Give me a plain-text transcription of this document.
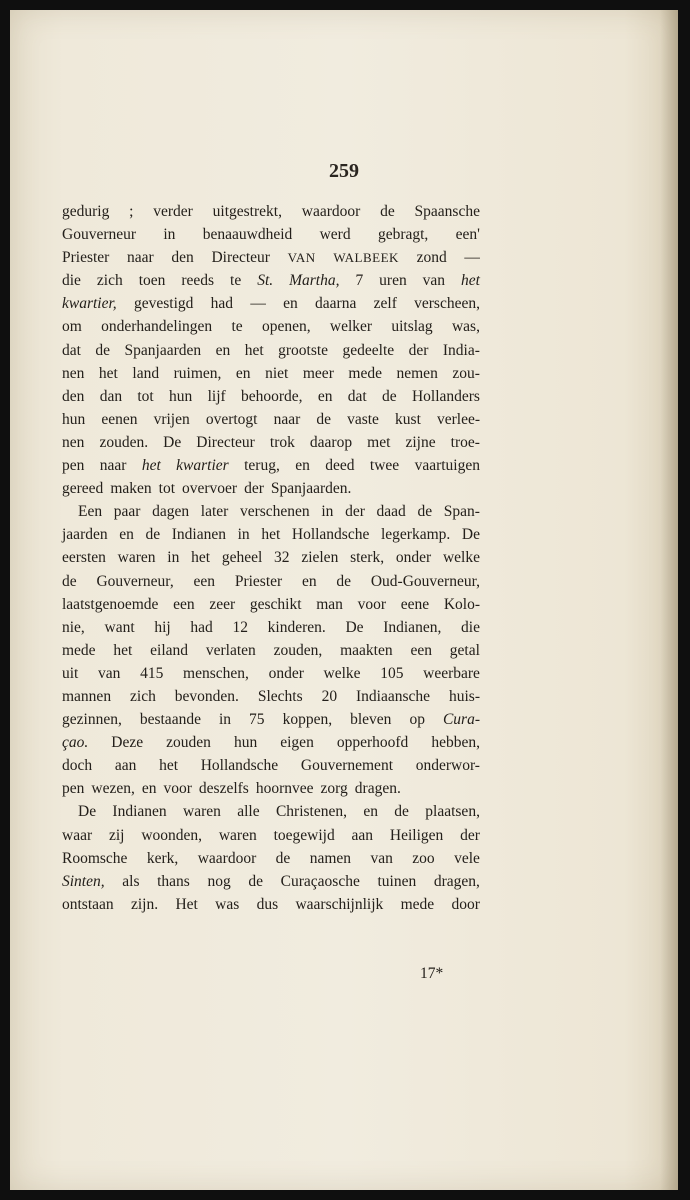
259
gedurig ; verder uitgestrekt, waardoor de Spaansche
Gouverneur in benaauwdheid werd gebragt, een'
Priester naar den Directeur VAN WALBEEK zond —
die zich toen reeds te St. Martha, 7 uren van het
kwartier, gevestigd had — en daarna zelf verscheen,
om onderhandelingen te openen, welker uitslag was,
dat de Spanjaarden en het grootste gedeelte der India-
nen het land ruimen, en niet meer mede nemen zou-
den dan tot hun lijf behoorde, en dat de Hollanders
hun eenen vrijen overtogt naar de vaste kust verlee-
nen zouden. De Directeur trok daarop met zijne troe-
pen naar het kwartier terug, en deed twee vaartuigen
gereed maken tot overvoer der Spanjaarden.
Een paar dagen later verschenen in der daad de Span-
jaarden en de Indianen in het Hollandsche legerkamp. De
eersten waren in het geheel 32 zielen sterk, onder welke
de Gouverneur, een Priester en de Oud-Gouverneur,
laatstgenoemde een zeer geschikt man voor eene Kolo-
nie, want hij had 12 kinderen. De Indianen, die
mede het eiland verlaten zouden, maakten een getal
uit van 415 menschen, onder welke 105 weerbare
mannen zich bevonden. Slechts 20 Indiaansche huis-
gezinnen, bestaande in 75 koppen, bleven op Cura-
çao. Deze zouden hun eigen opperhoofd hebben,
doch aan het Hollandsche Gouvernement onderwor-
pen wezen, en voor deszelfs hoornvee zorg dragen.
De Indianen waren alle Christenen, en de plaatsen,
waar zij woonden, waren toegewijd aan Heiligen der
Roomsche kerk, waardoor de namen van zoo vele
Sinten, als thans nog de Curaçaosche tuinen dragen,
ontstaan zijn. Het was dus waarschijnlijk mede door
17*
